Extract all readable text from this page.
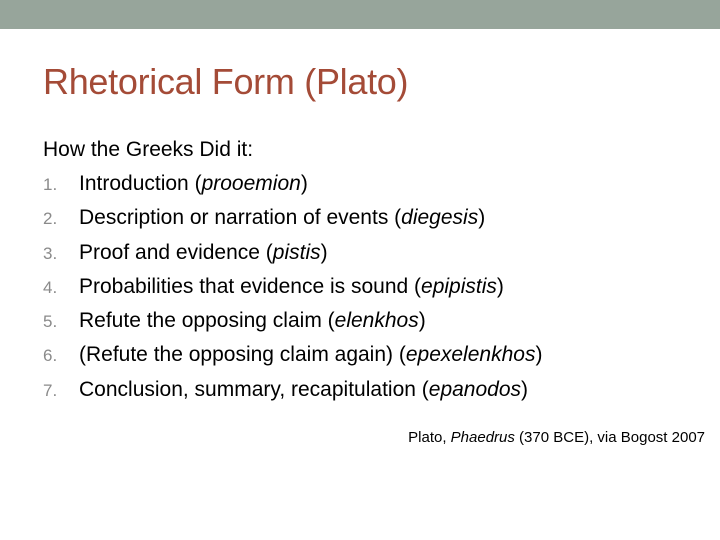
Rhetorical Form (Plato)
How the Greeks Did it:
1. Introduction (prooemion)
2. Description or narration of events (diegesis)
3. Proof and evidence (pistis)
4. Probabilities that evidence is sound (epipistis)
5. Refute the opposing claim (elenkhos)
6. (Refute the opposing claim again) (epexelenkhos)
7. Conclusion, summary, recapitulation (epanodos)
Plato, Phaedrus (370 BCE), via Bogost 2007
